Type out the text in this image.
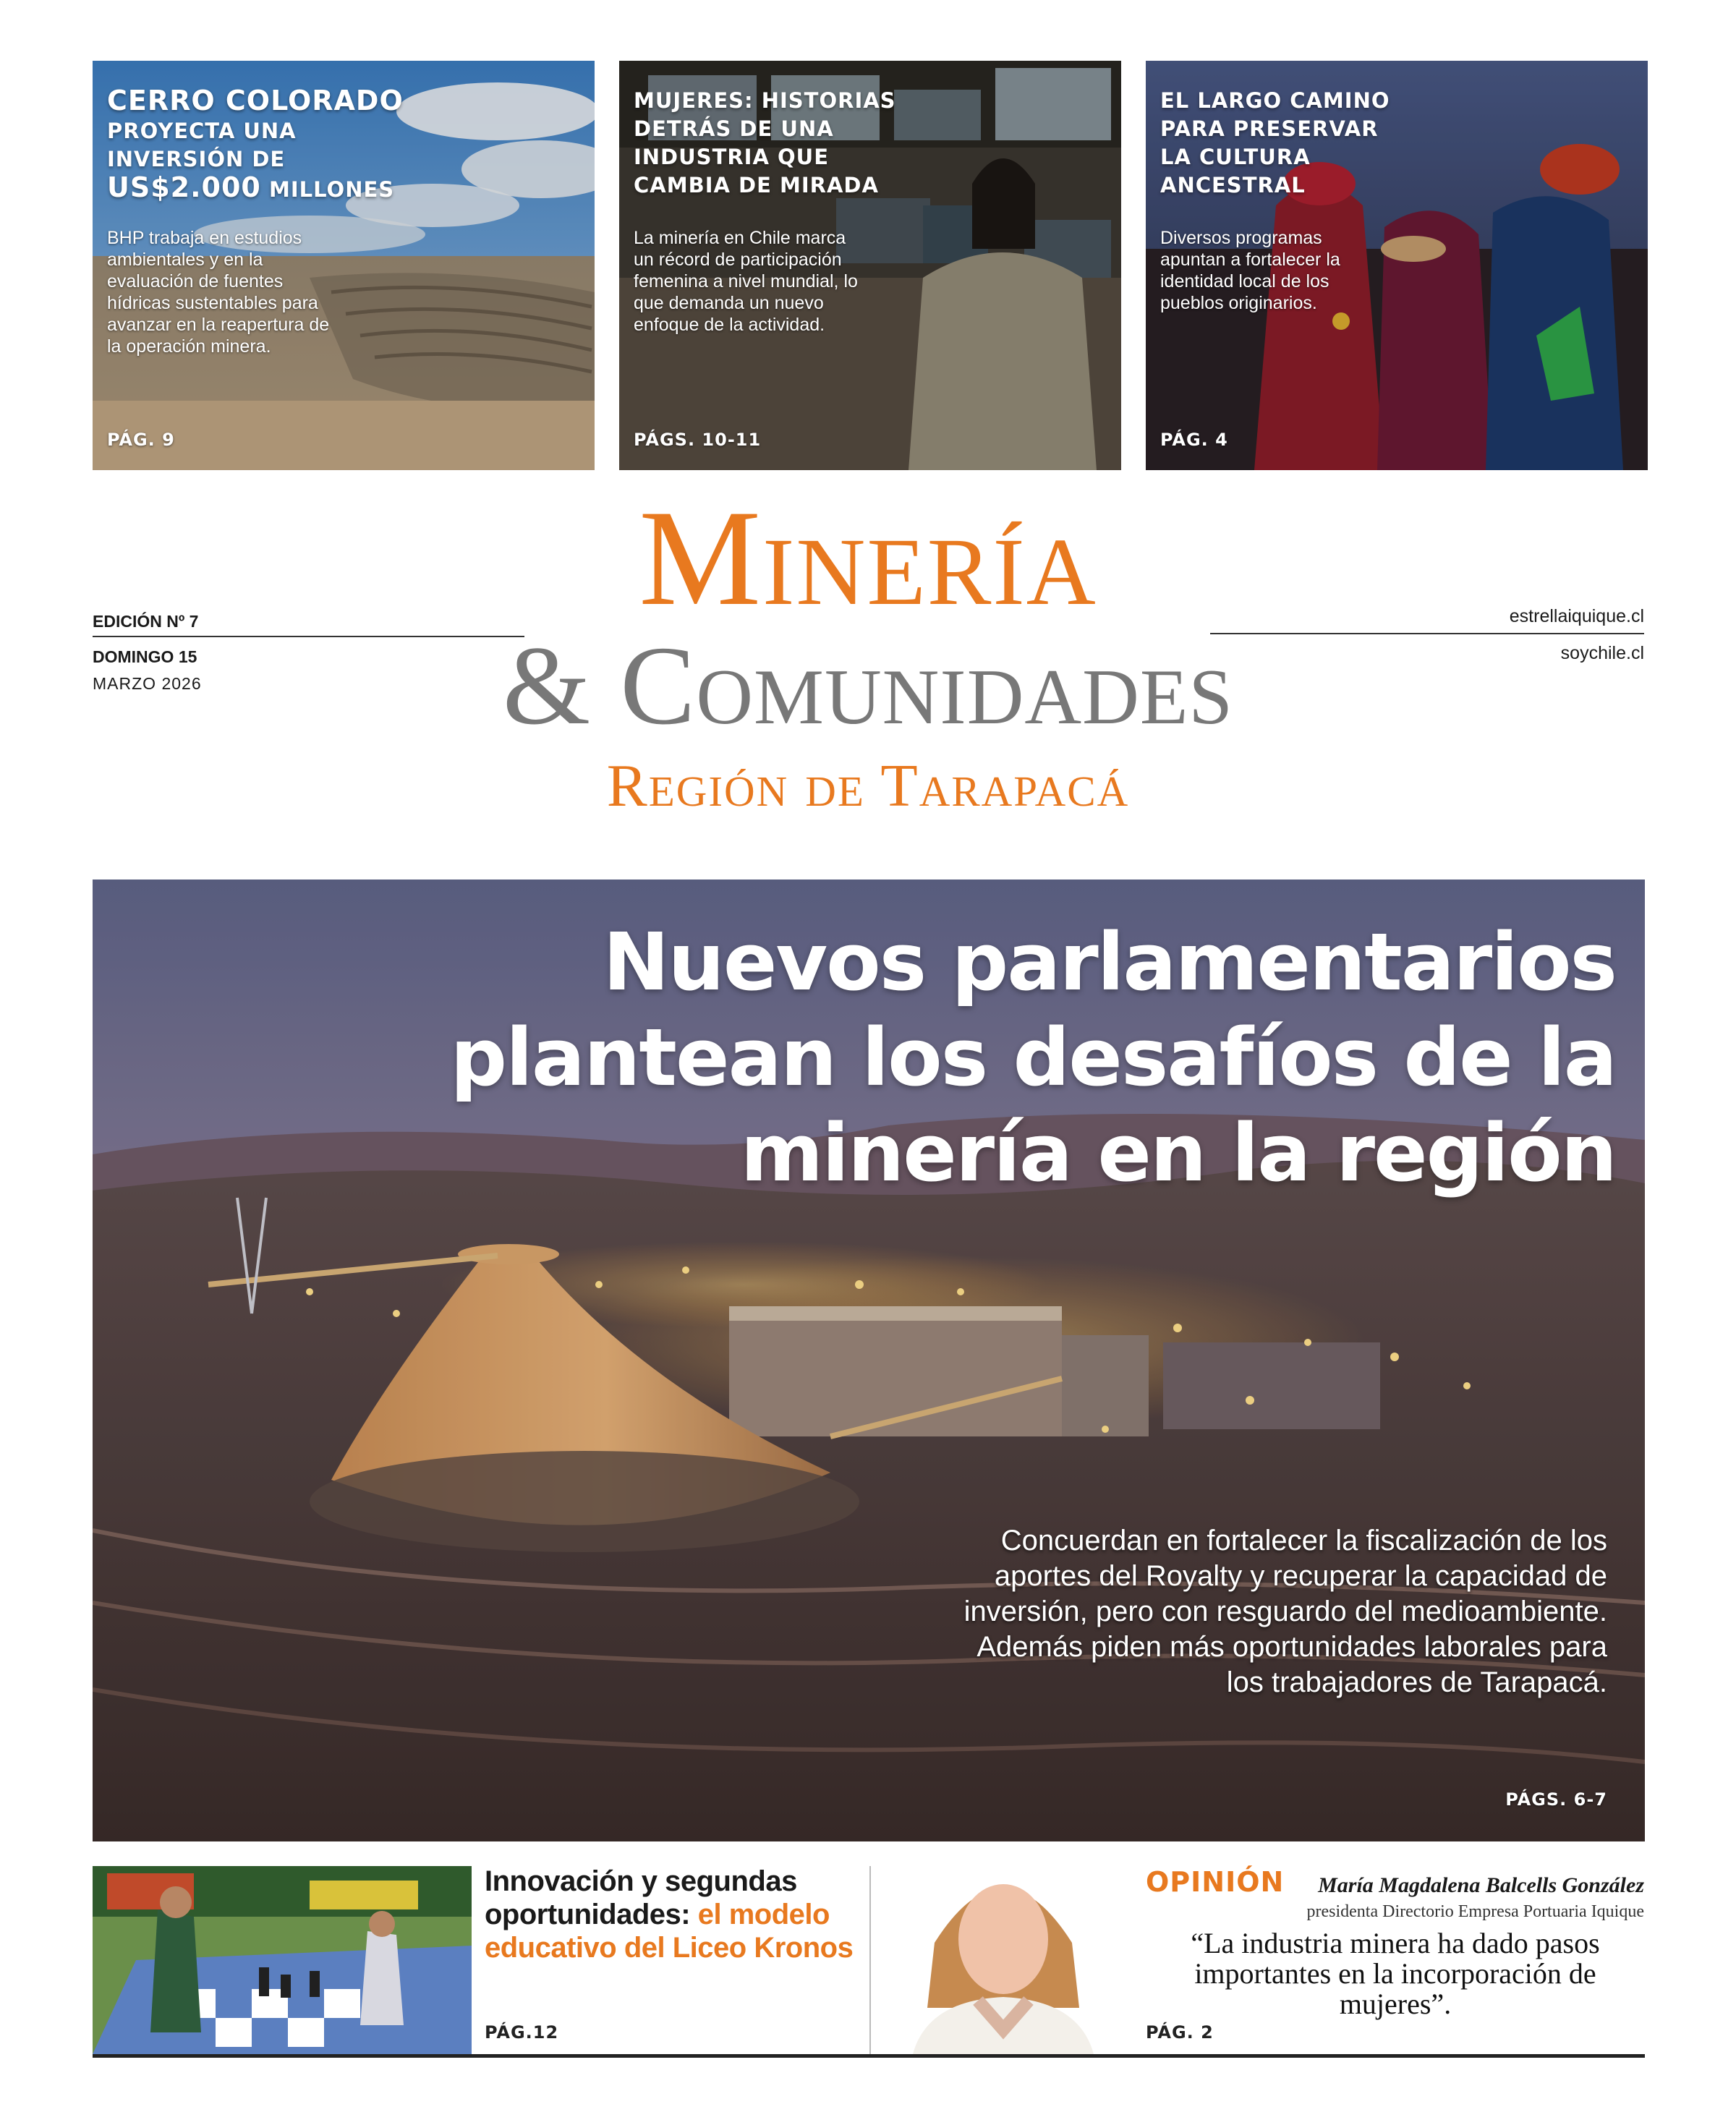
CERRO COLORADO
PROYECTA UNA
INVERSIÓN DE
US$2.000 MILLONES
BHP trabaja en estudios ambientales y en la evaluación de fuentes hídricas sustentables para avanzar en la reapertura de la operación minera.
PÁG. 9
MUJERES: HISTORIAS
DETRÁS DE UNA
INDUSTRIA QUE
CAMBIA DE MIRADA
La minería en Chile marca un récord de participación femenina a nivel mundial, lo que demanda un nuevo enfoque de la actividad.
PÁGS. 10-11
EL LARGO CAMINO
PARA PRESERVAR
LA CULTURA
ANCESTRAL
Diversos programas apuntan a fortalecer la identidad local de los pueblos originarios.
PÁG. 4
EDICIÓN Nº 7
DOMINGO 15
MARZO 2026
estrellaiquique.cl
soychile.cl
Minería
& Comunidades
Región de Tarapacá
Nuevos parlamentarios
plantean los desafíos de la
minería en la región
Concuerdan en fortalecer la fiscalización de los
aportes del Royalty y recuperar la capacidad de
inversión, pero con resguardo del medioambiente.
Además piden más oportunidades laborales para
los trabajadores de Tarapacá.
PÁGS. 6-7
Innovación y segundas oportunidades: el modelo educativo del Liceo Kronos
PÁG.12
OPINIÓN María Magdalena Balcells González
presidenta Directorio Empresa Portuaria Iquique
“La industria minera ha dado pasos importantes en la incorporación de mujeres”.
PÁG. 2
